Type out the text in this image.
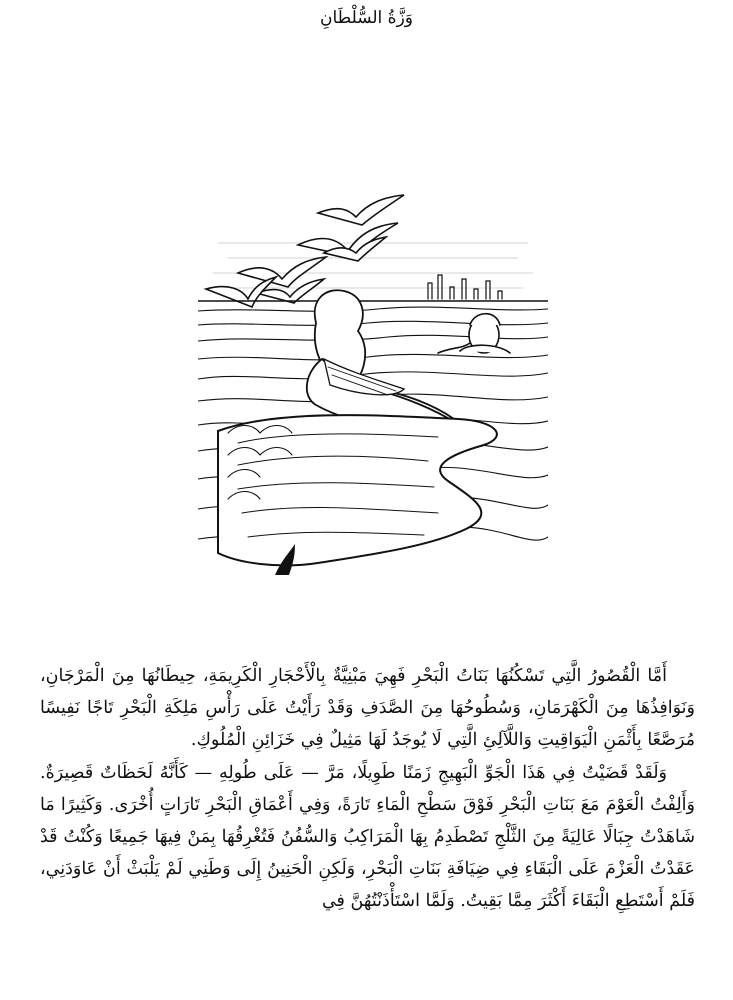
وَزَّةُ السُّلْطَانِ

أَمَّا الْقُصُورُ الَّتِي تَسْكُنُهَا بَنَاتُ الْبَحْرِ فَهِيَ مَبْنِيَّةٌ بِالْأَحْجَارِ الْكَرِيمَةِ، حِيطَانُهَا مِنَ الْمَرْجَانِ، وَنَوَافِذُهَا مِنَ الْكَهْرَمَانِ، وَسُطُوحُهَا مِنَ الصَّدَفِ وَقَدْ رَأَيْتُ عَلَى رَأْسِ مَلِكَةِ الْبَحْرِ تَاجًا نَفِيسًا مُرَصَّعًا بِأَثْمَنِ الْيَوَاقِيتِ وَاللَّآلِئِ الَّتِي لَا يُوجَدُ لَهَا مَثِيلٌ فِي خَزَائِنِ الْمُلُوكِ.

وَلَقَدْ قَضَيْتُ فِي هَذَا الْجَوِّ الْبَهِيجِ زَمَنًا طَوِيلًا، مَرَّ — عَلَى طُولِهِ — كَأَنَّهُ لَحَظَاتٌ قَصِيرَةٌ. وَأَلِفْتُ الْعَوْمَ مَعَ بَنَاتِ الْبَحْرِ فَوْقَ سَطْحِ الْمَاءِ تَارَةً، وَفِي أَعْمَاقِ الْبَحْرِ تَارَاتٍ أُخْرَى. وَكَثِيرًا مَا شَاهَدْتُ جِبَالًا عَالِيَةً مِنَ الثَّلْجِ تَصْطَدِمُ بِهَا الْمَرَاكِبُ وَالسُّفُنُ فَتُغْرِقُهَا بِمَنْ فِيهَا جَمِيعًا وَكُنْتُ قَدْ عَقَدْتُ الْعَزْمَ عَلَى الْبَقَاءِ فِي ضِيَافَةِ بَنَاتِ الْبَحْرِ، وَلَكِنِ الْحَنِينُ إِلَى وَطَنِي لَمْ يَلْبَثْ أَنْ عَاوَدَنِي، فَلَمْ أَسْتَطِعِ الْبَقَاءَ أَكْثَرَ مِمَّا بَقِيتُ. وَلَمَّا اسْتَأْذَنْتُهُنَّ فِي
